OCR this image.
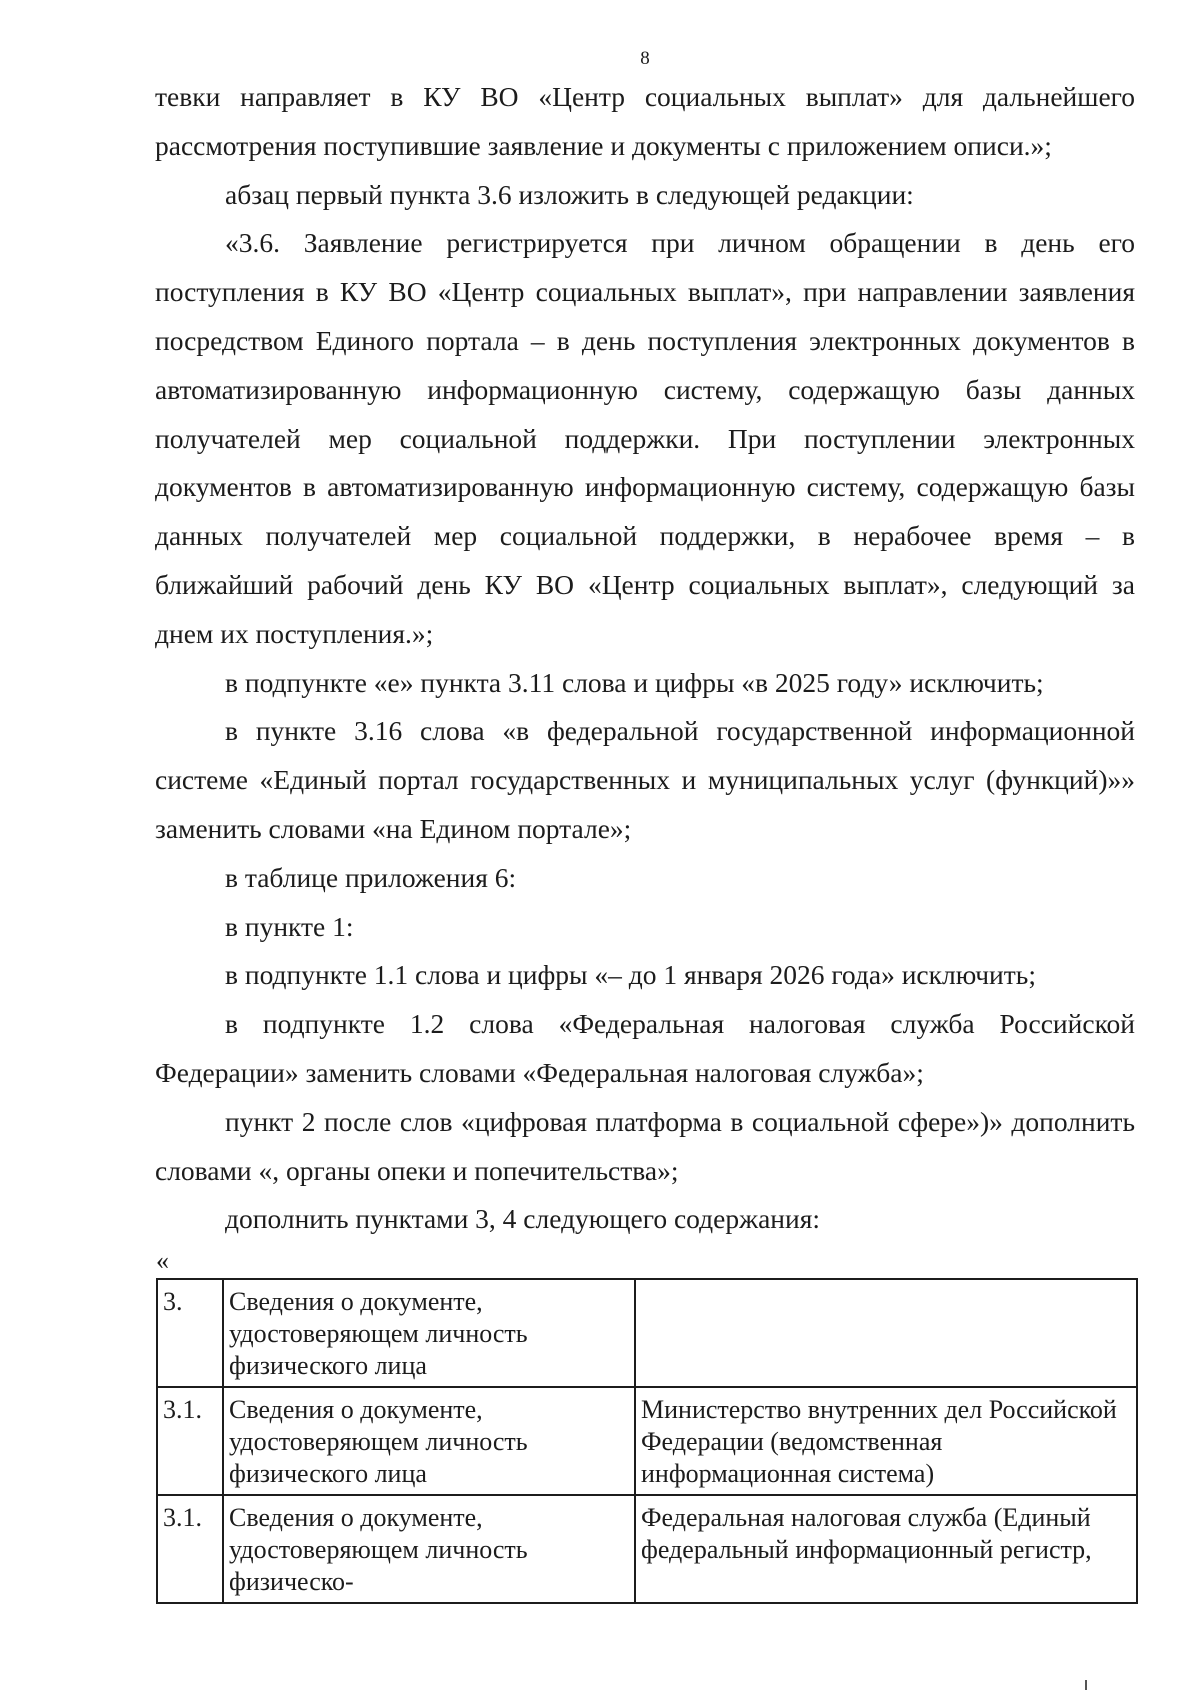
8

тевки направляет в КУ ВО «Центр социальных выплат» для дальнейшего рассмотрения поступившие заявление и документы с приложением описи.»;

абзац первый пункта 3.6 изложить в следующей редакции:

«3.6. Заявление регистрируется при личном обращении в день его поступления в КУ ВО «Центр социальных выплат», при направлении заявления посредством Единого портала – в день поступления электронных документов в автоматизированную информационную систему, содержащую базы данных получателей мер социальной поддержки. При поступлении электронных документов в автоматизированную информационную систему, содержащую базы данных получателей мер социальной поддержки, в нерабочее время – в ближайший рабочий день КУ ВО «Центр социальных выплат», следующий за днем их поступления.»;

в подпункте «е» пункта 3.11 слова и цифры «в 2025 году» исключить;

в пункте 3.16 слова «в федеральной государственной информационной системе «Единый портал государственных и муниципальных услуг (функций)»» заменить словами «на Едином портале»;

в таблице приложения 6:

в пункте 1:

в подпункте 1.1 слова и цифры «– до 1 января 2026 года» исключить;

в подпункте 1.2 слова «Федеральная налоговая служба Российской Федерации» заменить словами «Федеральная налоговая служба»;

пункт 2 после слов «цифровая платформа в социальной сфере»)» дополнить словами «, органы опеки и попечительства»;

дополнить пунктами 3, 4 следующего содержания:

«
3.	Сведения о документе, удостоверяющем личность физического лица	
3.1.	Сведения о документе, удостоверяющем личность физического лица	Министерство внутренних дел Российской Федерации (ведомственная информационная система)
3.1.	Сведения о документе, удостоверяющем личность физическо-	Федеральная налоговая служба (Единый федеральный информационный регистр,
